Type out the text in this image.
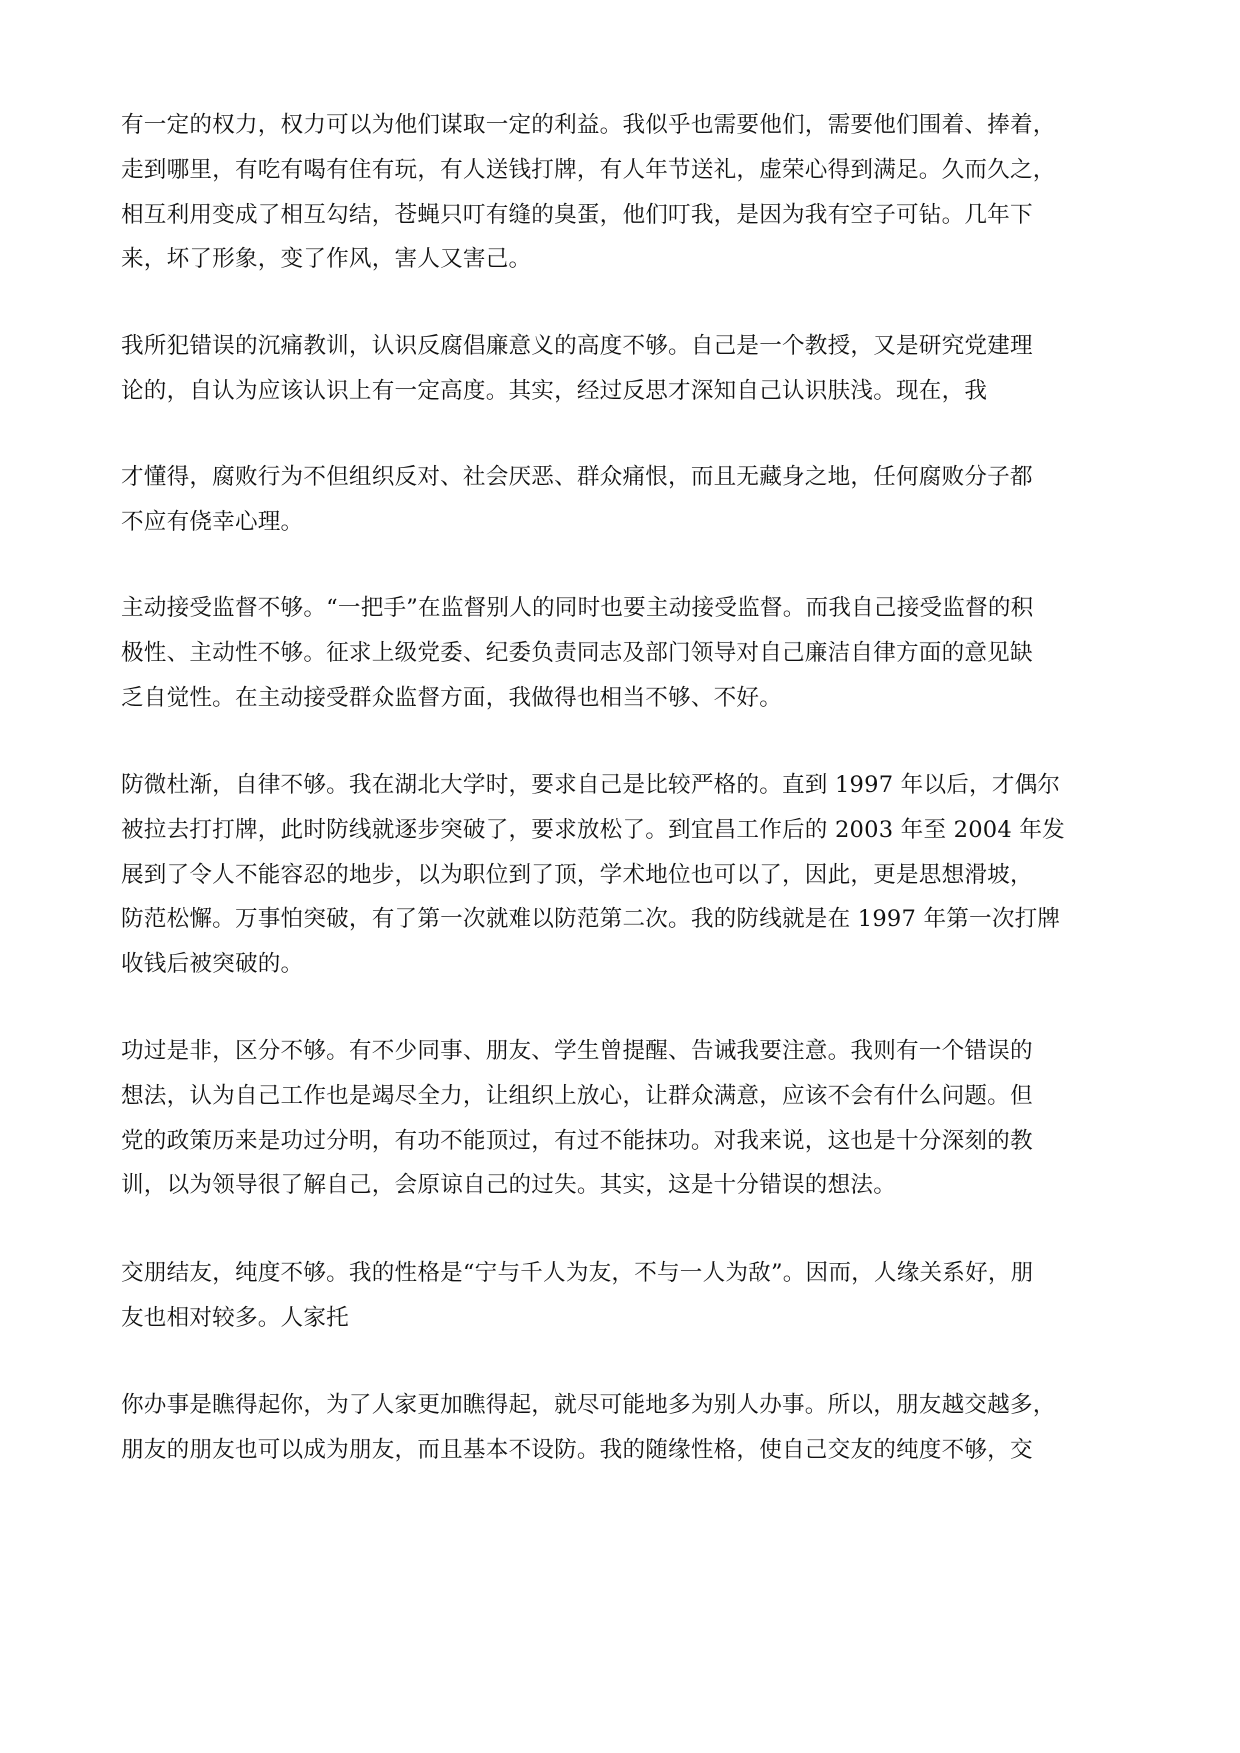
有一定的权力，权力可以为他们谋取一定的利益。我似乎也需要他们，需要他们围着、捧着，
走到哪里，有吃有喝有住有玩，有人送钱打牌，有人年节送礼，虚荣心得到满足。久而久之，
相互利用变成了相互勾结，苍蝇只叮有缝的臭蛋，他们叮我，是因为我有空子可钻。几年下
来，坏了形象，变了作风，害人又害己。

我所犯错误的沉痛教训，认识反腐倡廉意义的高度不够。自己是一个教授，又是研究党建理
论的，自认为应该认识上有一定高度。其实，经过反思才深知自己认识肤浅。现在，我

才懂得，腐败行为不但组织反对、社会厌恶、群众痛恨，而且无藏身之地，任何腐败分子都
不应有侥幸心理。

主动接受监督不够。“一把手”在监督别人的同时也要主动接受监督。而我自己接受监督的积
极性、主动性不够。征求上级党委、纪委负责同志及部门领导对自己廉洁自律方面的意见缺
乏自觉性。在主动接受群众监督方面，我做得也相当不够、不好。

防微杜渐，自律不够。我在湖北大学时，要求自己是比较严格的。直到 1997 年以后，才偶尔
被拉去打打牌，此时防线就逐步突破了，要求放松了。到宜昌工作后的 2003 年至 2004 年发
展到了令人不能容忍的地步，以为职位到了顶，学术地位也可以了，因此，更是思想滑坡，
防范松懈。万事怕突破，有了第一次就难以防范第二次。我的防线就是在 1997 年第一次打牌
收钱后被突破的。

功过是非，区分不够。有不少同事、朋友、学生曾提醒、告诫我要注意。我则有一个错误的
想法，认为自己工作也是竭尽全力，让组织上放心，让群众满意，应该不会有什么问题。但
党的政策历来是功过分明，有功不能顶过，有过不能抹功。对我来说，这也是十分深刻的教
训，以为领导很了解自己，会原谅自己的过失。其实，这是十分错误的想法。

交朋结友，纯度不够。我的性格是“宁与千人为友，不与一人为敌”。因而，人缘关系好，朋
友也相对较多。人家托

你办事是瞧得起你，为了人家更加瞧得起，就尽可能地多为别人办事。所以，朋友越交越多，
朋友的朋友也可以成为朋友，而且基本不设防。我的随缘性格，使自己交友的纯度不够，交
